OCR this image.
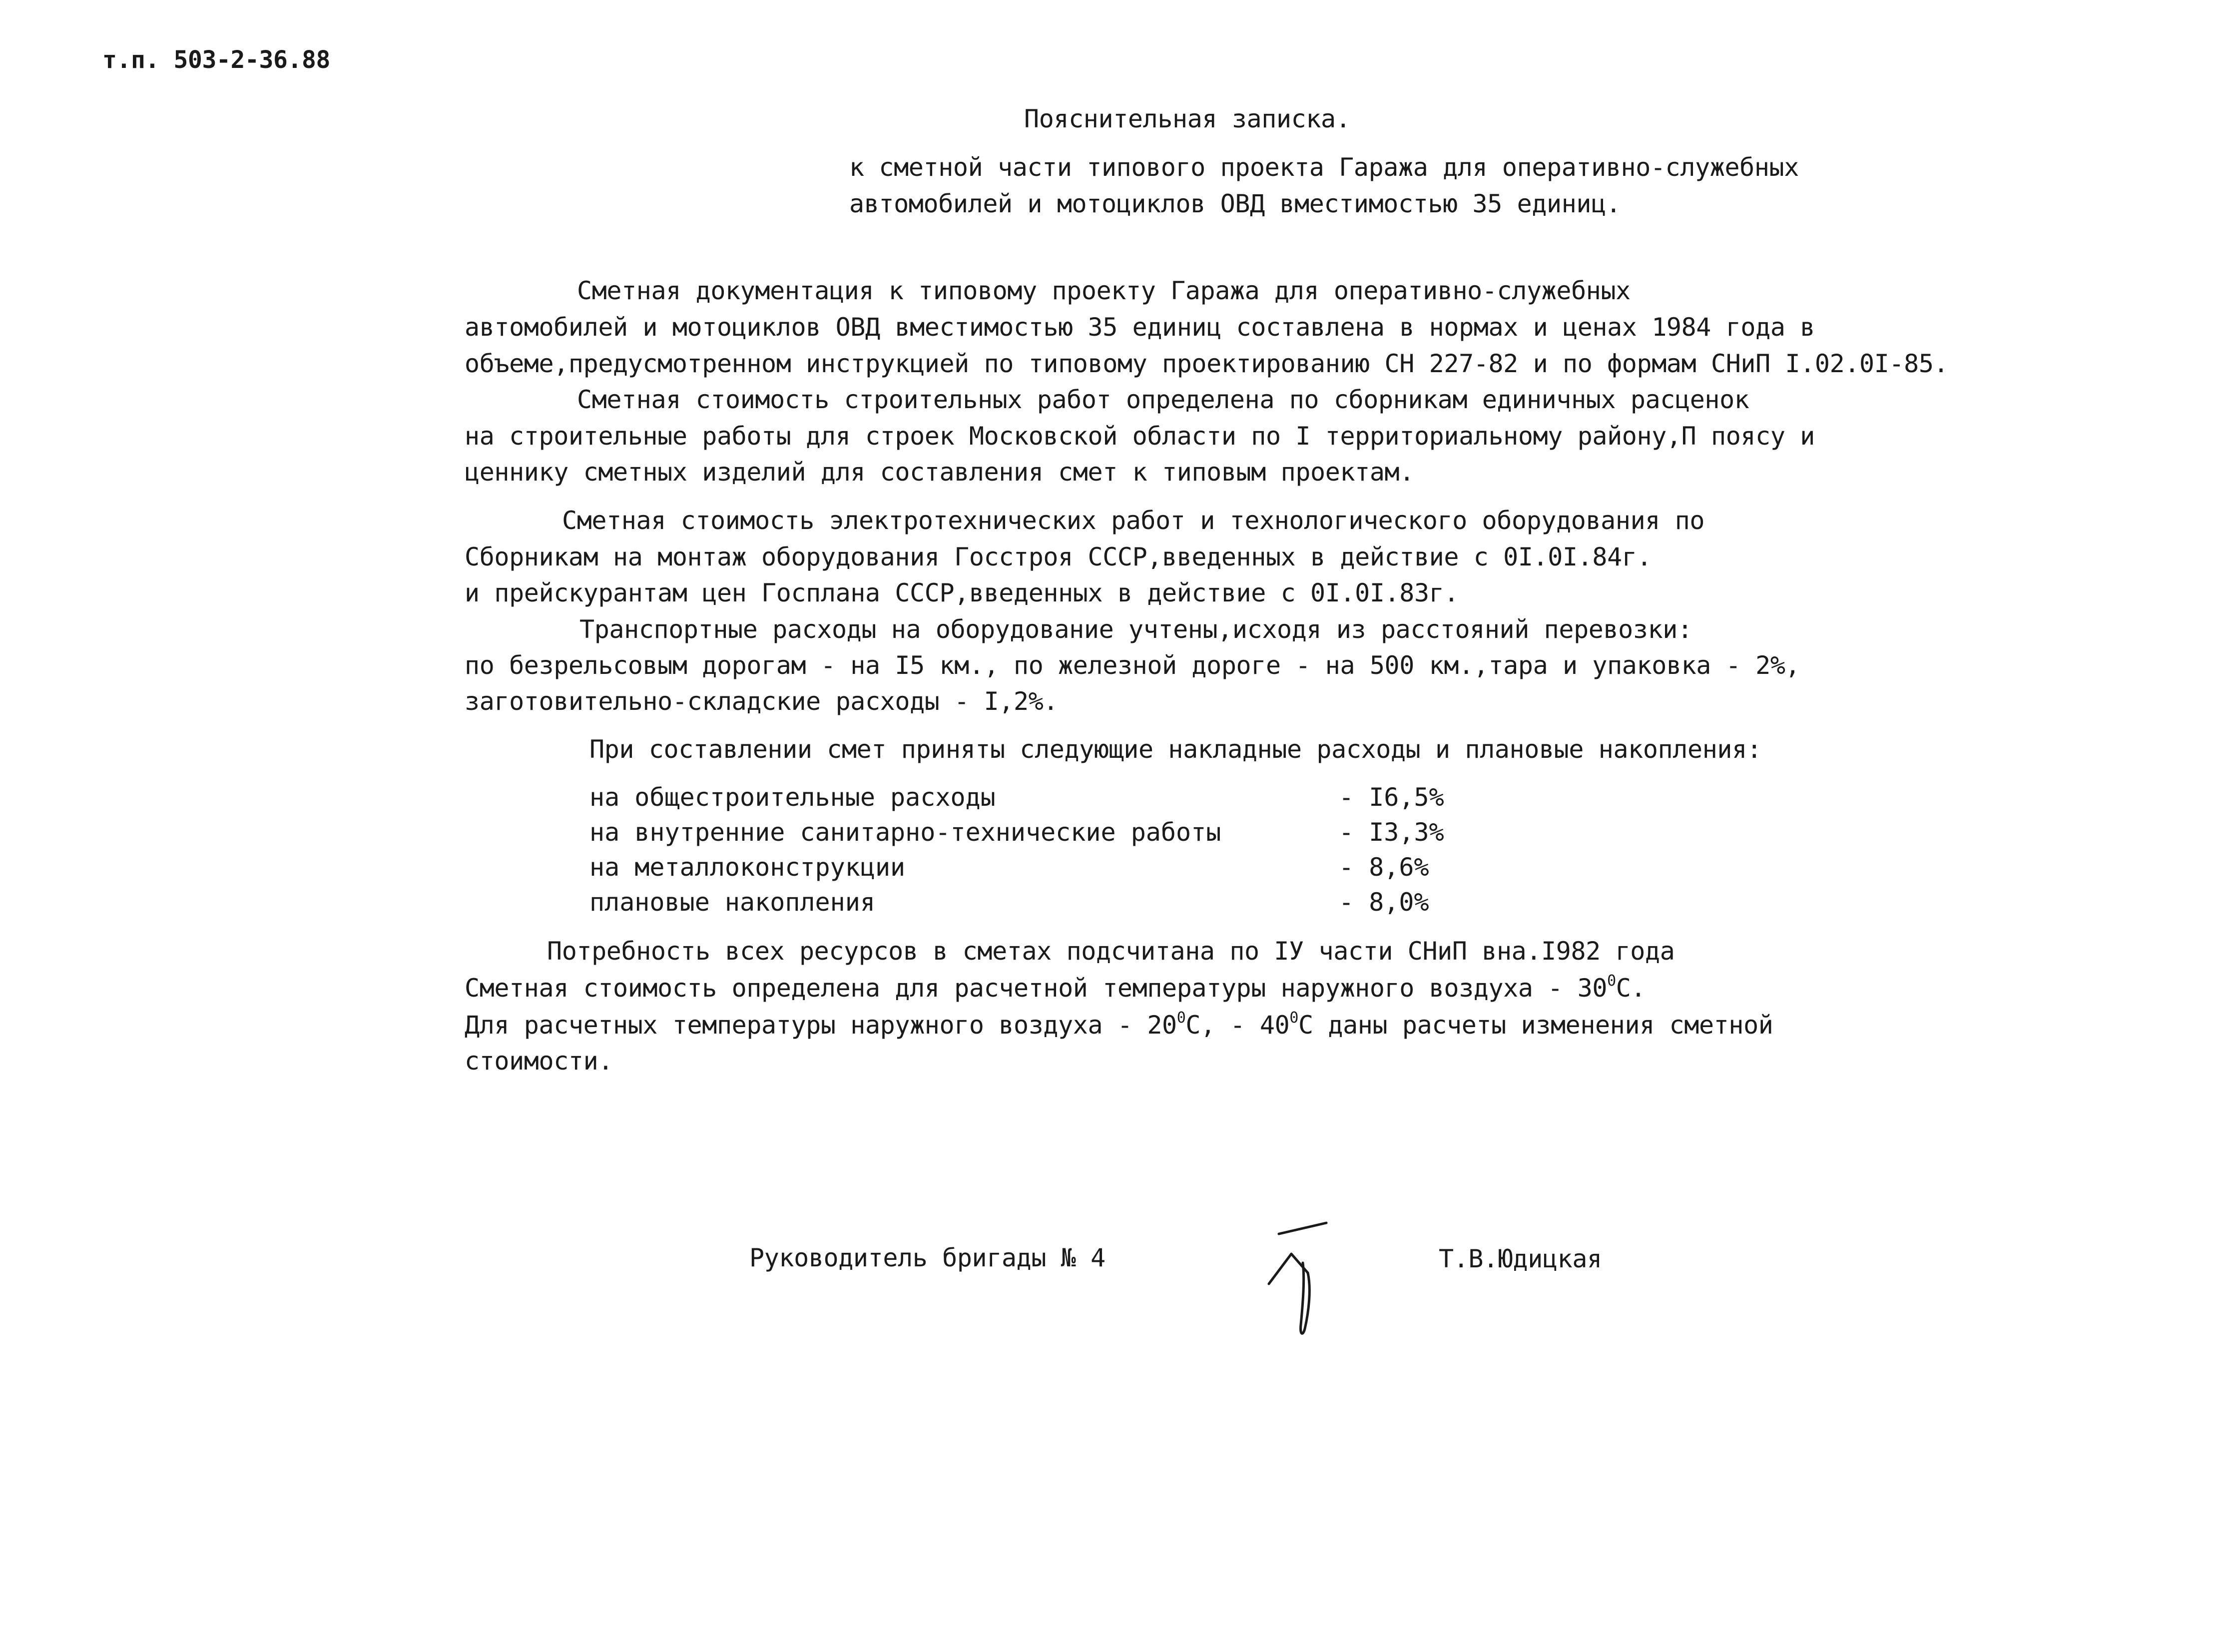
т.п. 503-2-36.88
Пояснительная записка.
к сметной части типового проекта Гаража для оперативно-служебных
автомобилей и мотоциклов ОВД вместимостью 35 единиц.
Сметная документация к типовому проекту Гаража для оперативно-служебных
автомобилей и мотоциклов ОВД вместимостью 35 единиц составлена в нормах и ценах 1984 года в
объеме,предусмотренном инструкцией по типовому проектированию СН 227-82 и по формам СНиП I.02.0I-85.
Сметная стоимость строительных работ определена по сборникам единичных расценок
на строительные работы для строек Московской области по I территориальному району,П поясу и
ценнику сметных изделий для составления смет к типовым проектам.
Сметная стоимость электротехнических работ и технологического оборудования по
Сборникам на монтаж оборудования Госстроя СССР,введенных в действие с 0I.0I.84г.
и прейскурантам цен Госплана СССР,введенных в действие с 0I.0I.83г.
Транспортные расходы на оборудование учтены,исходя из расстояний перевозки:
по безрельсовым дорогам - на I5 км., по железной дороге - на 500 км.,тара и упаковка - 2%,
заготовительно-складские расходы - I,2%.
При составлении смет приняты следующие накладные расходы и плановые накопления:
на общестроительные расходы	- I6,5%
на внутренние санитарно-технические работы	- I3,3%
на металлоконструкции	- 8,6%
плановые накопления	- 8,0%
Потребность всех ресурсов в сметах подсчитана по IУ части СНиП вна.I982 года
Сметная стоимость определена для расчетной температуры наружного воздуха - $30^0С$.
Для расчетных температуры наружного воздуха - $20^0С$, - $40^0С$ даны расчеты изменения сметной
стоимости.
Руководитель бригады № 4	Т.В.Юдицкая
